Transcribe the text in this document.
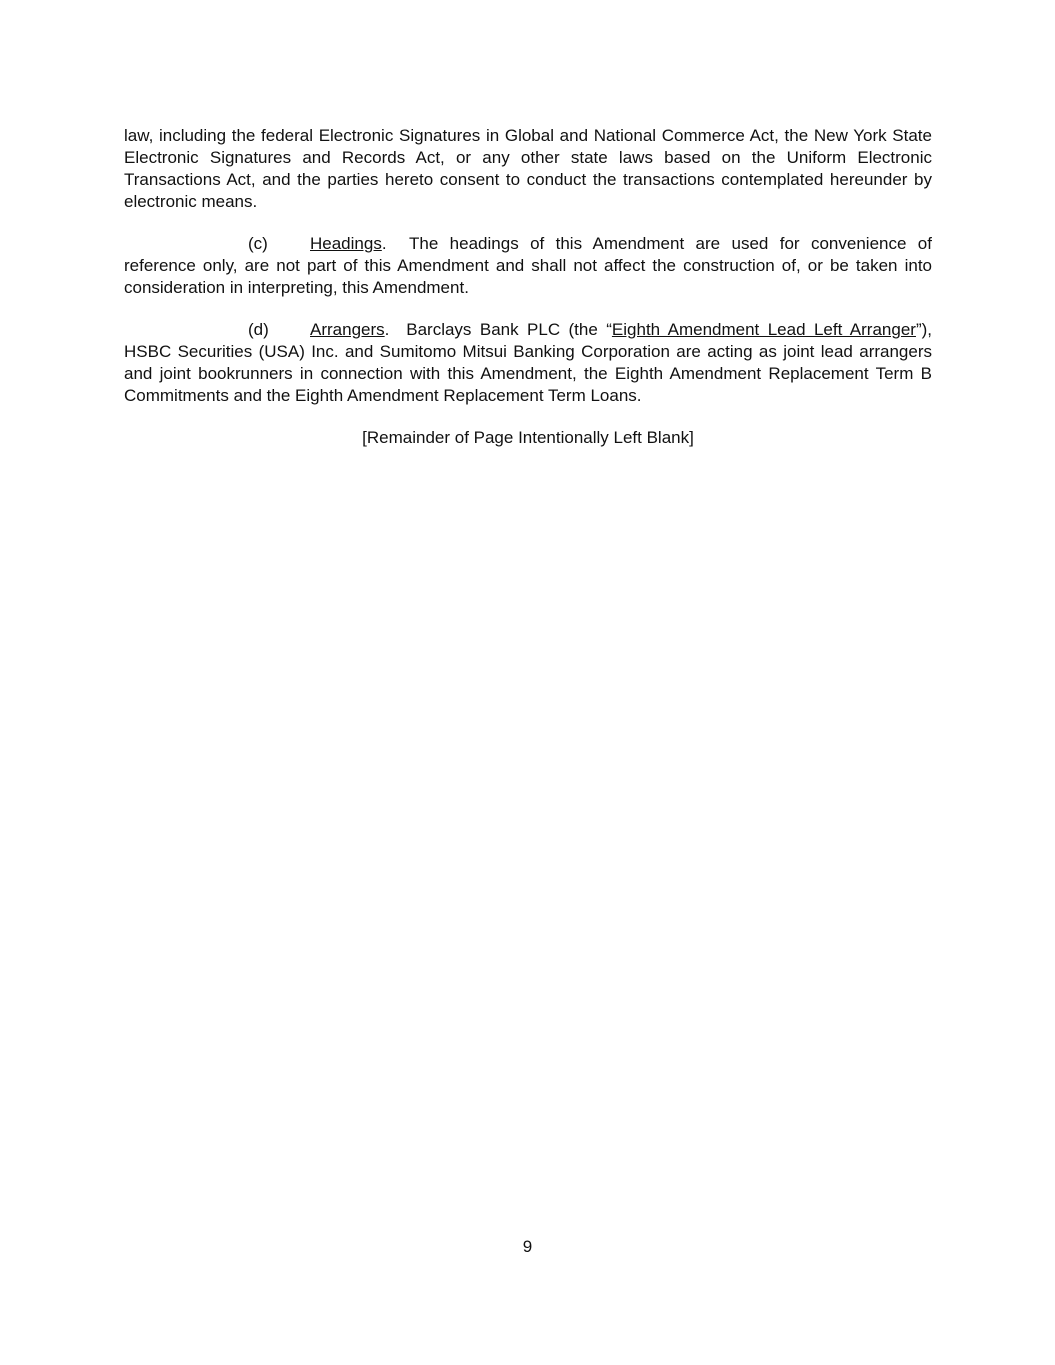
law, including the federal Electronic Signatures in Global and National Commerce Act, the New York State Electronic Signatures and Records Act, or any other state laws based on the Uniform Electronic Transactions Act, and the parties hereto consent to conduct the transactions contemplated hereunder by electronic means.

(c) Headings.  The headings of this Amendment are used for convenience of reference only, are not part of this Amendment and shall not affect the construction of, or be taken into consideration in interpreting, this Amendment.

(d) Arrangers.  Barclays Bank PLC (the “Eighth Amendment Lead Left Arranger”), HSBC Securities (USA) Inc. and Sumitomo Mitsui Banking Corporation are acting as joint lead arrangers and joint bookrunners in connection with this Amendment, the Eighth Amendment Replacement Term B Commitments and the Eighth Amendment Replacement Term Loans.

[Remainder of Page Intentionally Left Blank]

9
